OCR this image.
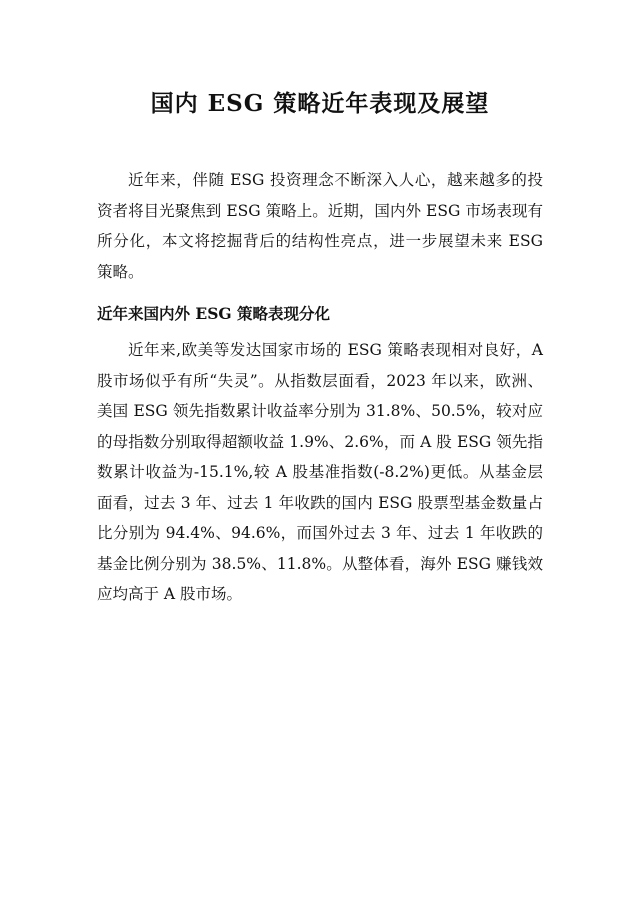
国内 ESG 策略近年表现及展望

近年来，伴随 ESG 投资理念不断深入人心，越来越多的投资者将目光聚焦到 ESG 策略上。近期，国内外 ESG 市场表现有所分化，本文将挖掘背后的结构性亮点，进一步展望未来 ESG 策略。

近年来国内外 ESG 策略表现分化

近年来,欧美等发达国家市场的 ESG 策略表现相对良好，A 股市场似乎有所“失灵”。从指数层面看，2023 年以来，欧洲、美国 ESG 领先指数累计收益率分别为 31.8%、50.5%，较对应的母指数分别取得超额收益 1.9%、2.6%，而 A 股 ESG 领先指数累计收益为-15.1%,较 A 股基准指数(-8.2%)更低。从基金层面看，过去 3 年、过去 1 年收跌的国内 ESG 股票型基金数量占比分别为 94.4%、94.6%，而国外过去 3 年、过去 1 年收跌的基金比例分别为 38.5%、11.8%。从整体看，海外 ESG 赚钱效应均高于 A 股市场。
